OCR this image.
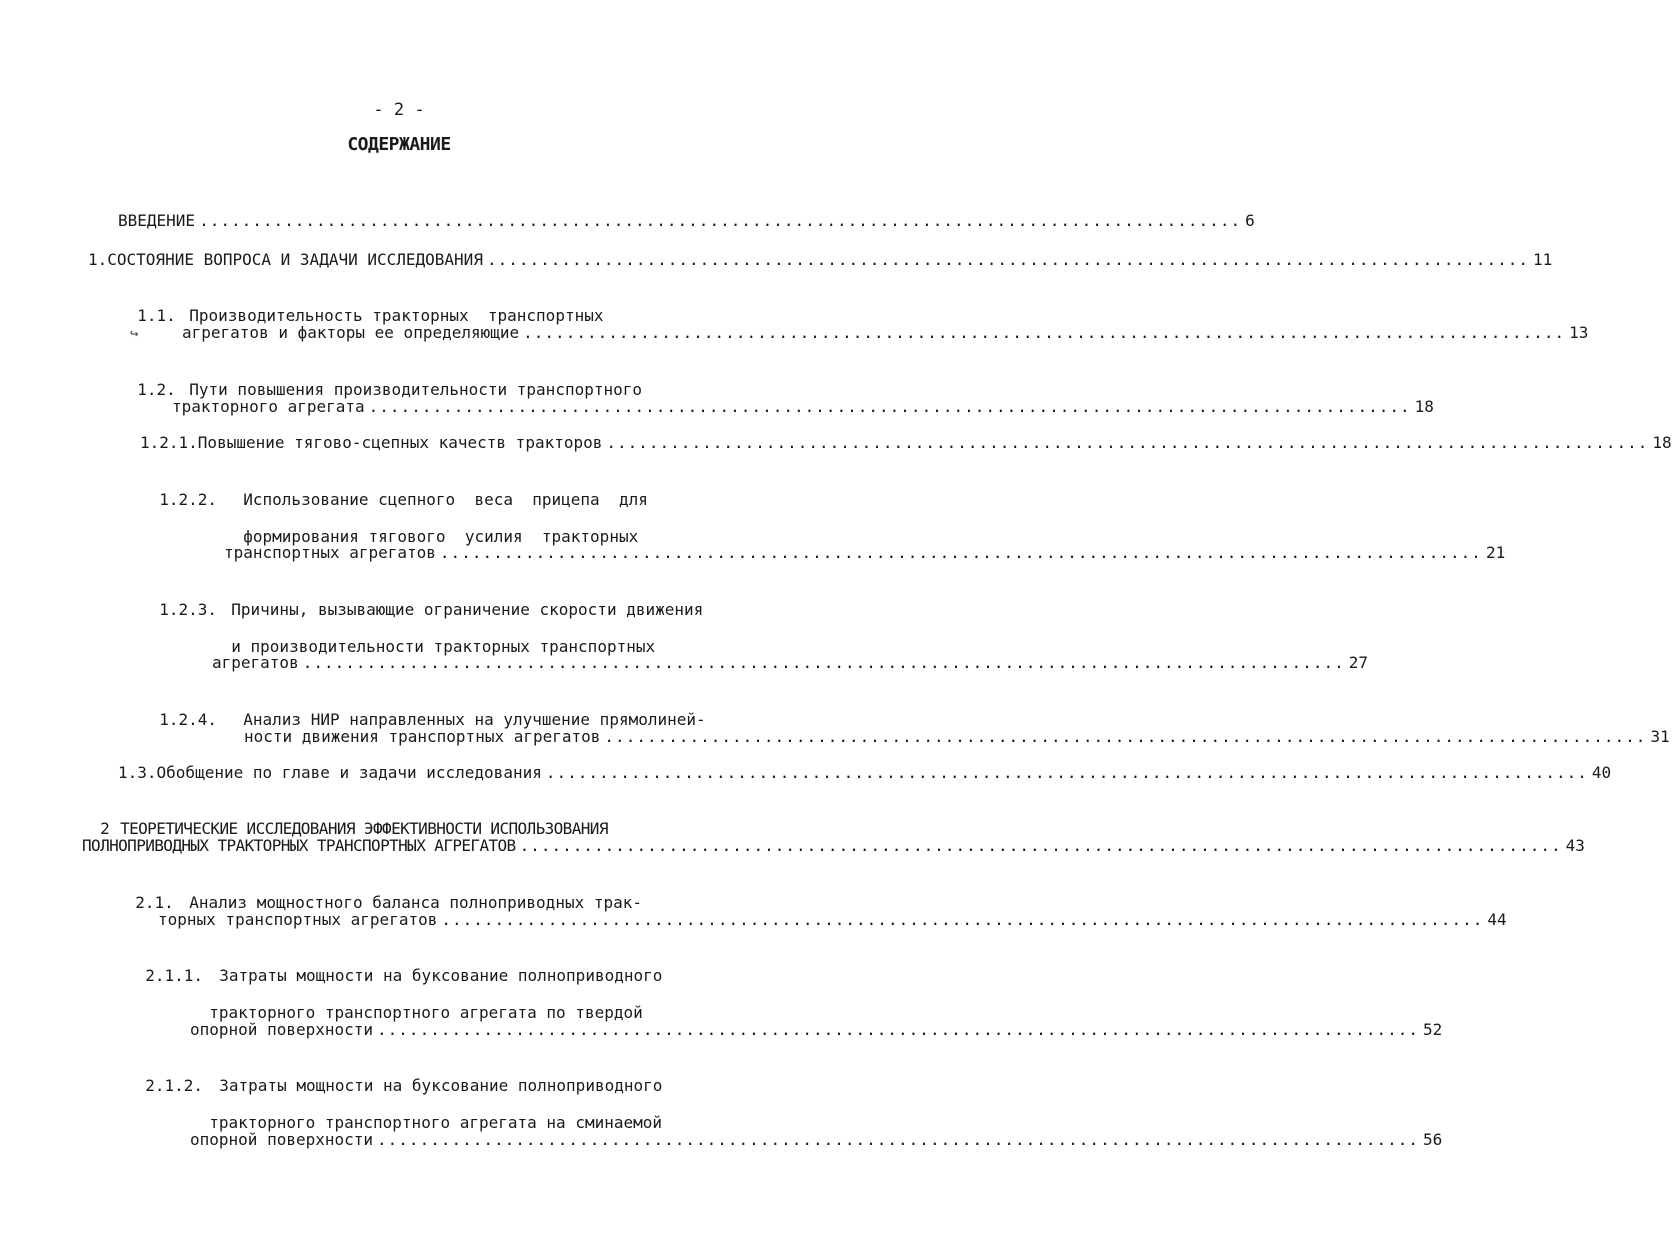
- 2 -
СОДЕРЖАНИЕ
ВВЕДЕНИЕ .................................................................................................. 6
1. СОСТОЯНИЕ ВОПРОСА И ЗАДАЧИ ИССЛЕДОВАНИЯ .................................................................................................. 11

1.1. Производительность тракторных  транспортных

↪	агрегатов и факторы ее определяющие .................................................................................................. 13

1.2. Пути повышения производительности транспортного

тракторного агрегата .................................................................................................. 18
1.2.1. Повышение тягово-сцепных качеств тракторов .................................................................................................. 18

1.2.2. Использование сцепного  веса  прицепа  для

формирования тягового  усилия  тракторных

транспортных агрегатов .................................................................................................. 21

1.2.3. Причины, вызывающие ограничение скорости движения

и производительности тракторных транспортных

агрегатов .................................................................................................. 27

1.2.4. Анализ НИР направленных на улучшение прямолиней-

ности движения транспортных агрегатов .................................................................................................. 31
1.3. Обобщение по главе и задачи исследования .................................................................................................. 40

2 ТЕОРЕТИЧЕСКИЕ ИССЛЕДОВАНИЯ ЭФФЕКТИВНОСТИ ИСПОЛЬЗОВАНИЯ

ПОЛНОПРИВОДНЫХ ТРАКТОРНЫХ ТРАНСПОРТНЫХ АГРЕГАТОВ .................................................................................................. 43

2.1. Анализ мощностного баланса полноприводных трак-

торных транспортных агрегатов .................................................................................................. 44

2.1.1. Затраты мощности на буксование полноприводного

тракторного транспортного агрегата по твердой

опорной поверхности .................................................................................................. 52

2.1.2. Затраты мощности на буксование полноприводного

тракторного транспортного агрегата на сминаемой

опорной поверхности .................................................................................................. 56
